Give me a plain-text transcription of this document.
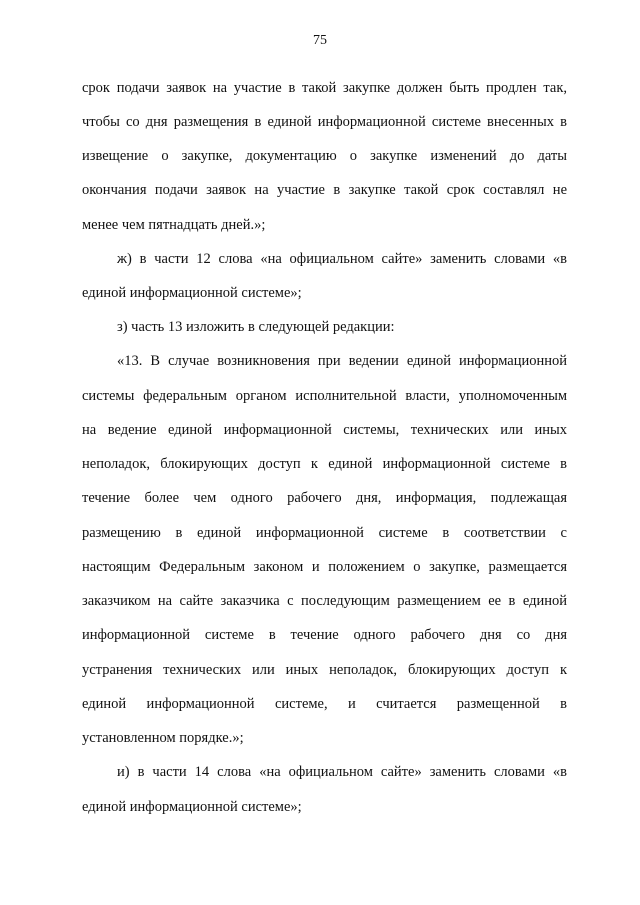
75
срок подачи заявок на участие в такой закупке должен быть продлен так,
чтобы со дня размещения в единой информационной системе внесенных в
извещение о закупке, документацию о закупке изменений до даты
окончания подачи заявок на участие в закупке такой срок составлял не
менее чем пятнадцать дней.»;
ж) в части 12 слова «на официальном сайте» заменить словами «в
единой информационной системе»;
з) часть 13 изложить в следующей редакции:
«13. В случае возникновения при ведении единой информационной
системы федеральным органом исполнительной власти, уполномоченным
на ведение единой информационной системы, технических или иных
неполадок, блокирующих доступ к единой информационной системе в
течение более чем одного рабочего дня, информация, подлежащая
размещению в единой информационной системе в соответствии с
настоящим Федеральным законом и положением о закупке, размещается
заказчиком на сайте заказчика с последующим размещением ее в единой
информационной системе в течение одного рабочего дня со дня
устранения технических или иных неполадок, блокирующих доступ к
единой информационной системе, и считается размещенной в
установленном порядке.»;
и) в части 14 слова «на официальном сайте» заменить словами «в
единой информационной системе»;
